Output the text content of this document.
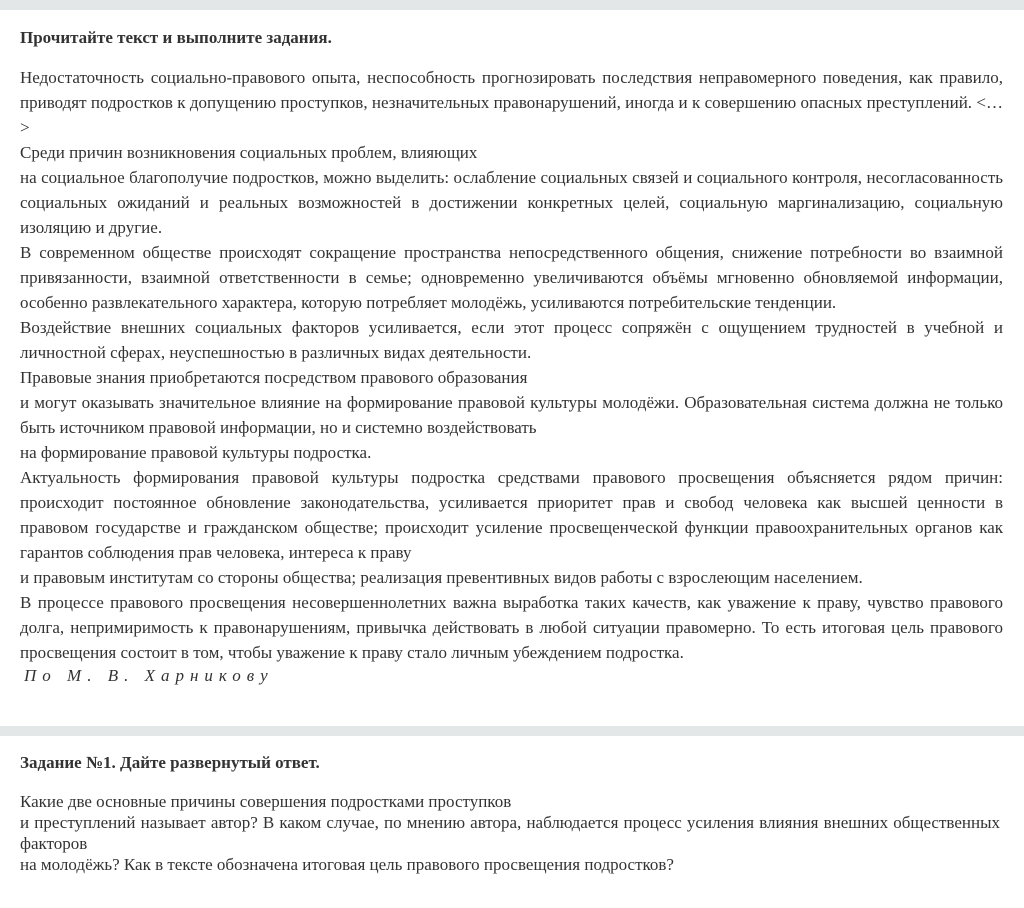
Прочитайте текст и выполните задания.

Недостаточность социально-правового опыта, неспособность прогнозировать последствия неправомерного поведения, как правило, приводят подростков к допущению проступков, незначительных правонарушений, иногда и к совершению опасных преступлений. <…>

Среди причин возникновения социальных проблем, влияющих

на социальное благополучие подростков, можно выделить: ослабление социальных связей и социального контроля, несогласованность социальных ожиданий и реальных возможностей в достижении конкретных целей, социальную маргинализацию, социальную изоляцию и другие.

В современном обществе происходят сокращение пространства непосредственного общения, снижение потребности во взаимной привязанности, взаимной ответственности в семье; одновременно увеличиваются объёмы мгновенно обновляемой информации, особенно развлекательного характера, которую потребляет молодёжь, усиливаются потребительские тенденции.

Воздействие внешних социальных факторов усиливается, если этот процесс сопряжён с ощущением трудностей в учебной и личностной сферах, неуспешностью в различных видах деятельности.

Правовые знания приобретаются посредством правового образования

и могут оказывать значительное влияние на формирование правовой культуры молодёжи. Образовательная система должна не только быть источником правовой информации, но и системно воздействовать

на формирование правовой культуры подростка.

Актуальность формирования правовой культуры подростка средствами правового просвещения объясняется рядом причин: происходит постоянное обновление законодательства, усиливается приоритет прав и свобод человека как высшей ценности в правовом государстве и гражданском обществе; происходит усиление просвещенческой функции правоохранительных органов как гарантов соблюдения прав человека, интереса к праву

и правовым институтам со стороны общества; реализация превентивных видов работы с взрослеющим населением.

В процессе правового просвещения несовершеннолетних важна выработка таких качеств, как уважение к праву, чувство правового долга, непримиримость к правонарушениям, привычка действовать в любой ситуации правомерно. То есть итоговая цель правового просвещения состоит в том, чтобы уважение к праву стало личным убеждением подростка.

По М. В. Харникову

Задание №1. Дайте развернутый ответ.

Какие две основные причины совершения подростками проступков

и преступлений называет автор? В каком случае, по мнению автора, наблюдается процесс усиления влияния внешних общественных факторов

на молодёжь? Как в тексте обозначена итоговая цель правового просвещения подростков?
